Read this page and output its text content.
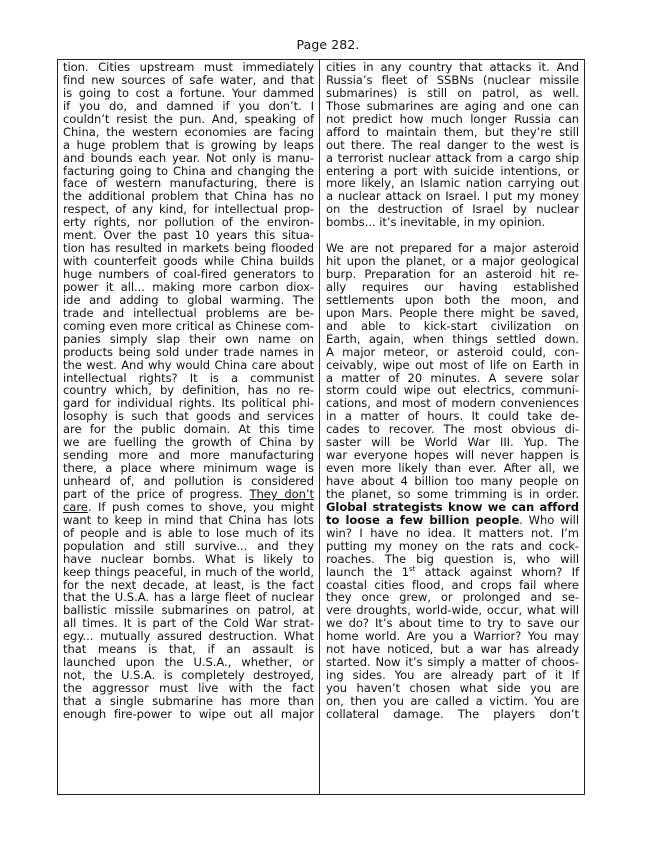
Page 282.
tion. Cities upstream must immediately
find new sources of safe water, and that
is going to cost a fortune. Your dammed
if you do, and damned if you don’t. I
couldn’t resist the pun. And, speaking of
China, the western economies are facing
a huge problem that is growing by leaps
and bounds each year. Not only is manu-
facturing going to China and changing the
face of western manufacturing, there is
the additional problem that China has no
respect, of any kind, for intellectual prop-
erty rights, nor pollution of the environ-
ment. Over the past 10 years this situa-
tion has resulted in markets being flooded
with counterfeit goods while China builds
huge numbers of coal-fired generators to
power it all... making more carbon diox-
ide and adding to global warming. The
trade and intellectual problems are be-
coming even more critical as Chinese com-
panies simply slap their own name on
products being sold under trade names in
the west. And why would China care about
intellectual rights? It is a communist
country which, by definition, has no re-
gard for individual rights. Its political phi-
losophy is such that goods and services
are for the public domain. At this time
we are fuelling the growth of China by
sending more and more manufacturing
there, a place where minimum wage is
unheard of, and pollution is considered
part of the price of progress. They don’t
care. If push comes to shove, you might
want to keep in mind that China has lots
of people and is able to lose much of its
population and still survive... and they
have nuclear bombs. What is likely to
keep things peaceful, in much of the world,
for the next decade, at least, is the fact
that the U.S.A. has a large fleet of nuclear
ballistic missile submarines on patrol, at
all times. It is part of the Cold War strat-
egy... mutually assured destruction. What
that means is that, if an assault is
launched upon the U.S.A., whether, or
not, the U.S.A. is completely destroyed,
the aggressor must live with the fact
that a single submarine has more than
enough fire-power to wipe out all major
cities in any country that attacks it. And
Russia’s fleet of SSBNs (nuclear missile
submarines) is still on patrol, as well.
Those submarines are aging and one can
not predict how much longer Russia can
afford to maintain them, but they’re still
out there. The real danger to the west is
a terrorist nuclear attack from a cargo ship
entering a port with suicide intentions, or
more likely, an Islamic nation carrying out
a nuclear attack on Israel. I put my money
on the destruction of Israel by nuclear
bombs... it’s inevitable, in my opinion.
We are not prepared for a major asteroid
hit upon the planet, or a major geological
burp. Preparation for an asteroid hit re-
ally requires our having established
settlements upon both the moon, and
upon Mars. People there might be saved,
and able to kick-start civilization on
Earth, again, when things settled down.
A major meteor, or asteroid could, con-
ceivably, wipe out most of life on Earth in
a matter of 20 minutes. A severe solar
storm could wipe out electrics, communi-
cations, and most of modern conveniences
in a matter of hours. It could take de-
cades to recover. The most obvious di-
saster will be World War III. Yup. The
war everyone hopes will never happen is
even more likely than ever. After all, we
have about 4 billion too many people on
the planet, so some trimming is in order.
Global strategists know we can afford
to loose a few billion people. Who will
win? I have no idea. It matters not. I’m
putting my money on the rats and cock-
roaches. The big question is, who will
launch the 1st attack against whom? If
coastal cities flood, and crops fail where
they once grew, or prolonged and se-
vere droughts, world-wide, occur, what will
we do? It’s about time to try to save our
home world. Are you a Warrior? You may
not have noticed, but a war has already
started. Now it’s simply a matter of choos-
ing sides. You are already part of it If
you haven’t chosen what side you are
on, then you are called a victim. You are
collateral damage. The players don’t
